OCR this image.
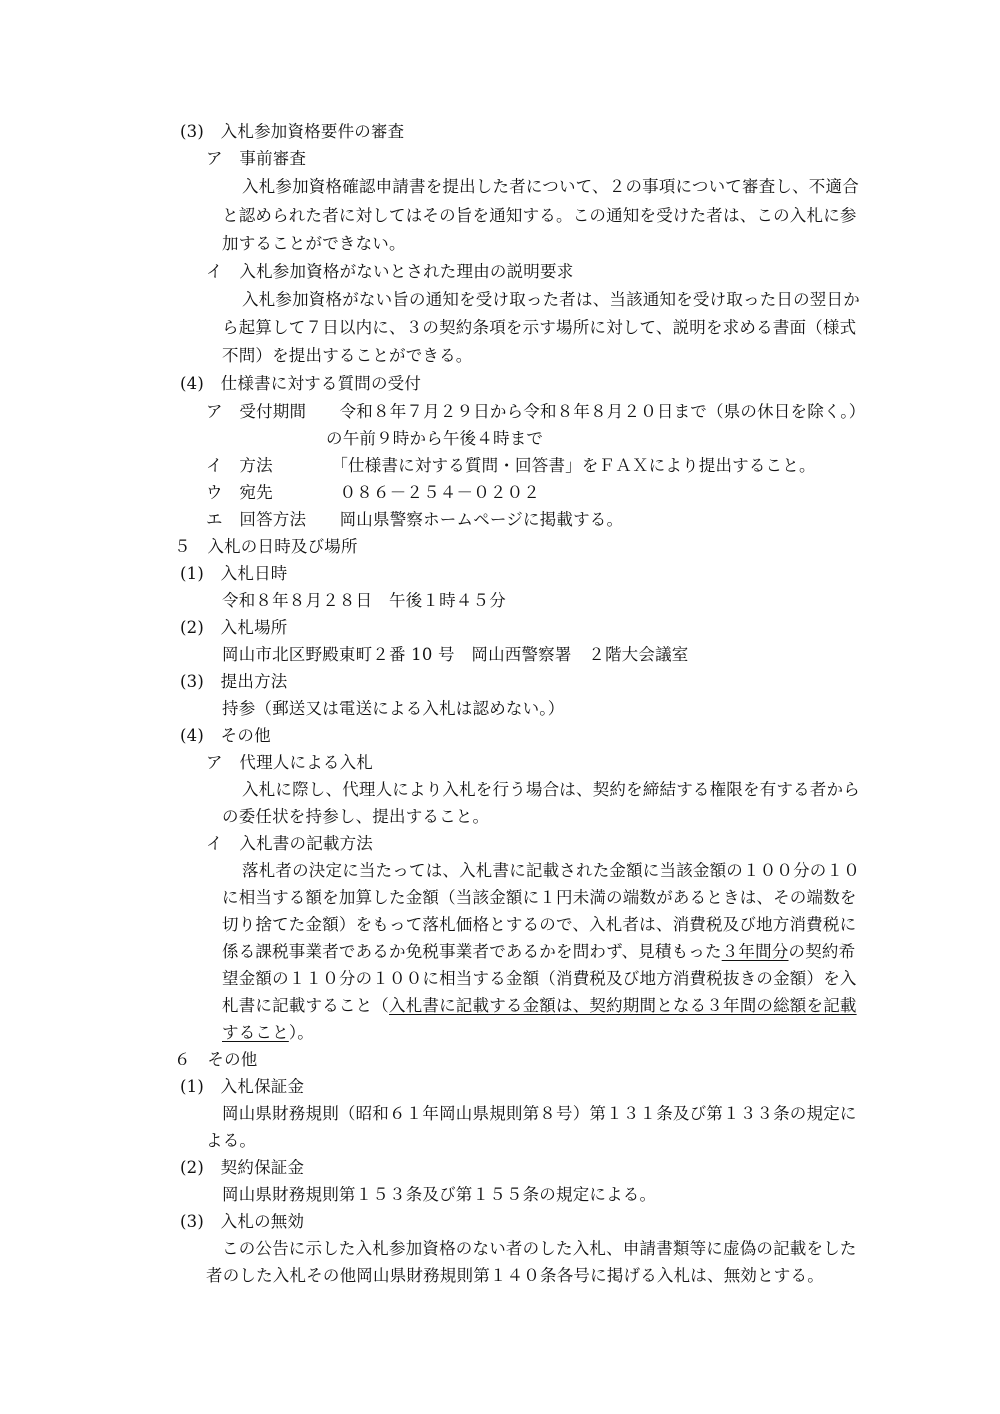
(3)　入札参加資格要件の審査
ア　事前審査
入札参加資格確認申請書を提出した者について、２の事項について審査し、不適合
と認められた者に対してはその旨を通知する。この通知を受けた者は、この入札に参
加することができない。
イ　入札参加資格がないとされた理由の説明要求
入札参加資格がない旨の通知を受け取った者は、当該通知を受け取った日の翌日か
ら起算して７日以内に、３の契約条項を示す場所に対して、説明を求める書面（様式
不問）を提出することができる。
(4)　仕様書に対する質問の受付
ア　受付期間　　令和８年７月２９日から令和８年８月２０日まで（県の休日を除く。）
の午前９時から午後４時まで
イ　方法　　　　「仕様書に対する質問・回答書」をＦＡＸにより提出すること。
ウ　宛先　　　　０８６－２５４－０２０２
エ　回答方法　　岡山県警察ホームページに掲載する。
５　入札の日時及び場所
(1)　入札日時
令和８年８月２８日　午後１時４５分
(2)　入札場所
岡山市北区野殿東町２番 10 号　岡山西警察署　２階大会議室
(3)　提出方法
持参（郵送又は電送による入札は認めない。）
(4)　その他
ア　代理人による入札
入札に際し、代理人により入札を行う場合は、契約を締結する権限を有する者から
の委任状を持参し、提出すること。
イ　入札書の記載方法
落札者の決定に当たっては、入札書に記載された金額に当該金額の１００分の１０
に相当する額を加算した金額（当該金額に１円未満の端数があるときは、その端数を
切り捨てた金額）をもって落札価格とするので、入札者は、消費税及び地方消費税に
係る課税事業者であるか免税事業者であるかを問わず、見積もった３年間分の契約希
望金額の１１０分の１００に相当する金額（消費税及び地方消費税抜きの金額）を入
札書に記載すること（入札書に記載する金額は、契約期間となる３年間の総額を記載
すること）。
６　その他
(1)　入札保証金
岡山県財務規則（昭和６１年岡山県規則第８号）第１３１条及び第１３３条の規定に
よる。
(2)　契約保証金
岡山県財務規則第１５３条及び第１５５条の規定による。
(3)　入札の無効
この公告に示した入札参加資格のない者のした入札、申請書類等に虚偽の記載をした
者のした入札その他岡山県財務規則第１４０条各号に掲げる入札は、無効とする。
